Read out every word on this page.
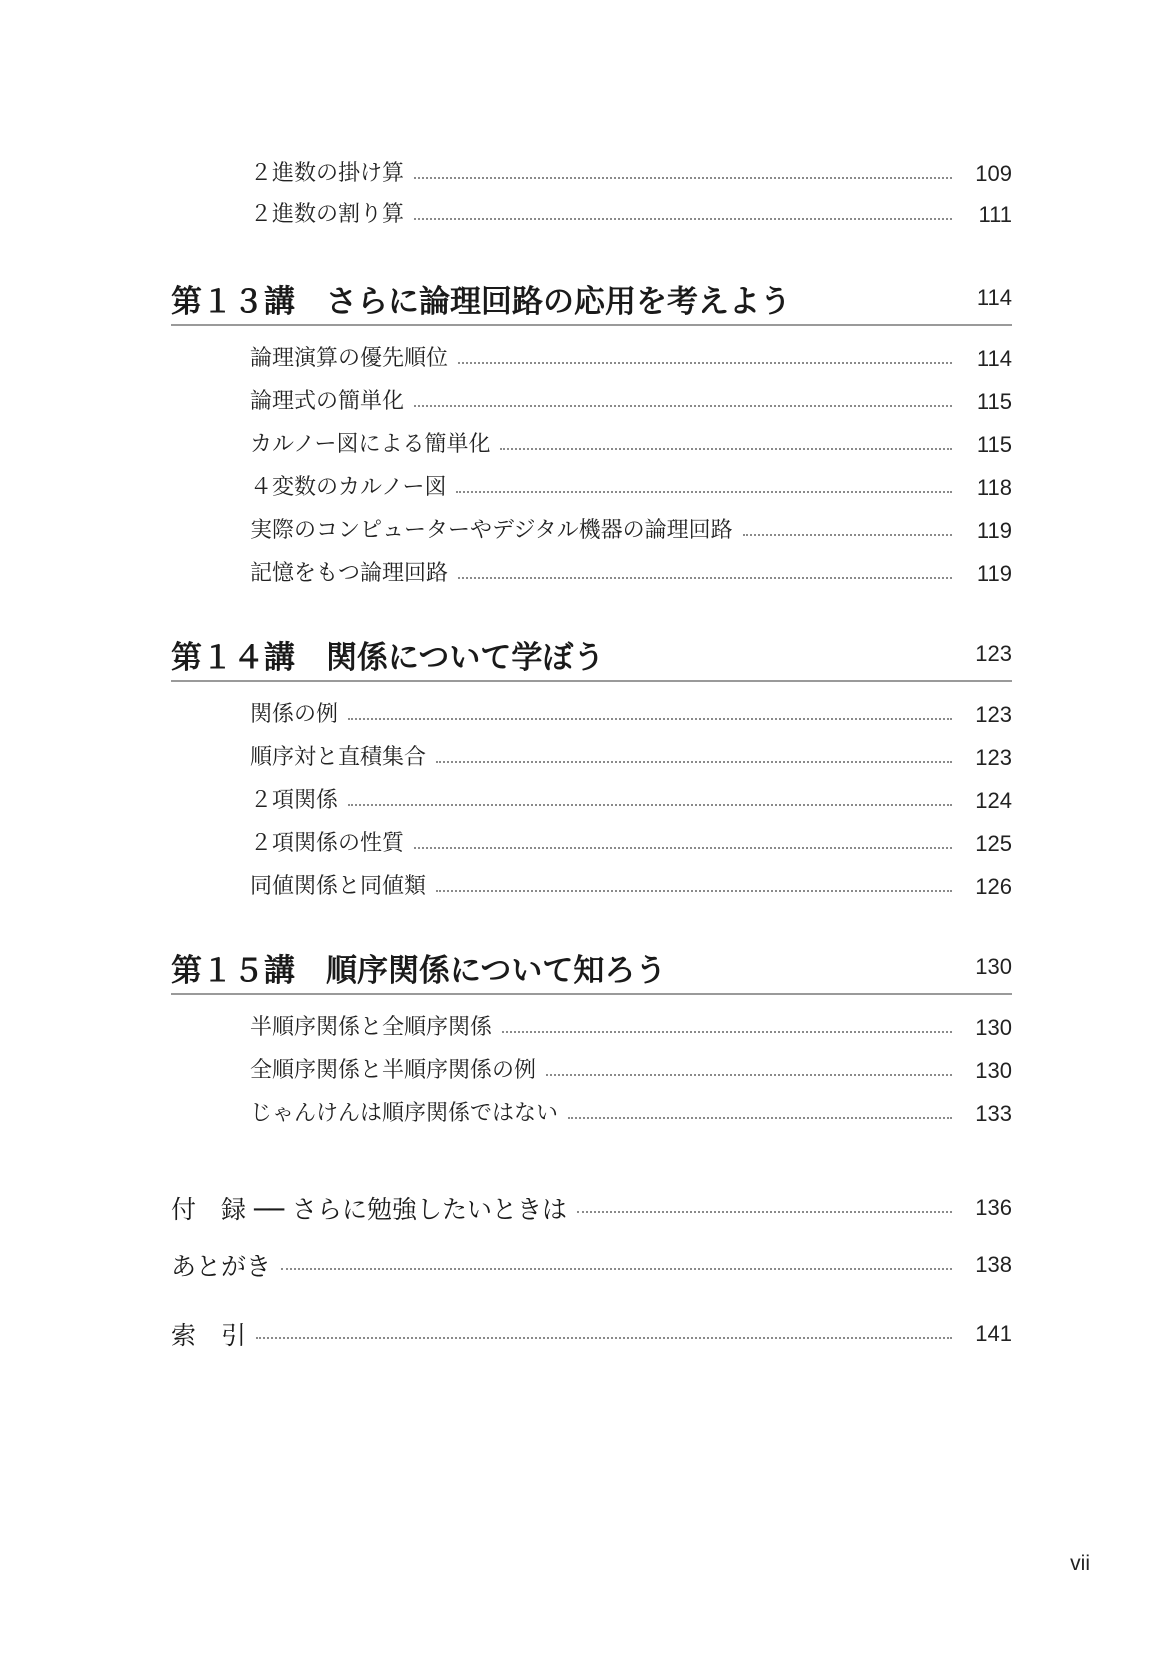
２進数の掛け算	109
２進数の割り算	111
第１３講	さらに論理回路の応用を考えよう	114
論理演算の優先順位	114
論理式の簡単化	115
カルノー図による簡単化	115
４変数のカルノー図	118
実際のコンピューターやデジタル機器の論理回路	119
記憶をもつ論理回路	119
第１４講	関係について学ぼう	123
関係の例	123
順序対と直積集合	123
２項関係	124
２項関係の性質	125
同値関係と同値類	126
第１５講	順序関係について知ろう	130
半順序関係と全順序関係	130
全順序関係と半順序関係の例	130
じゃんけんは順序関係ではない	133
付　録 ── さらに勉強したいときは	136
あとがき	138
索　引	141
vii
